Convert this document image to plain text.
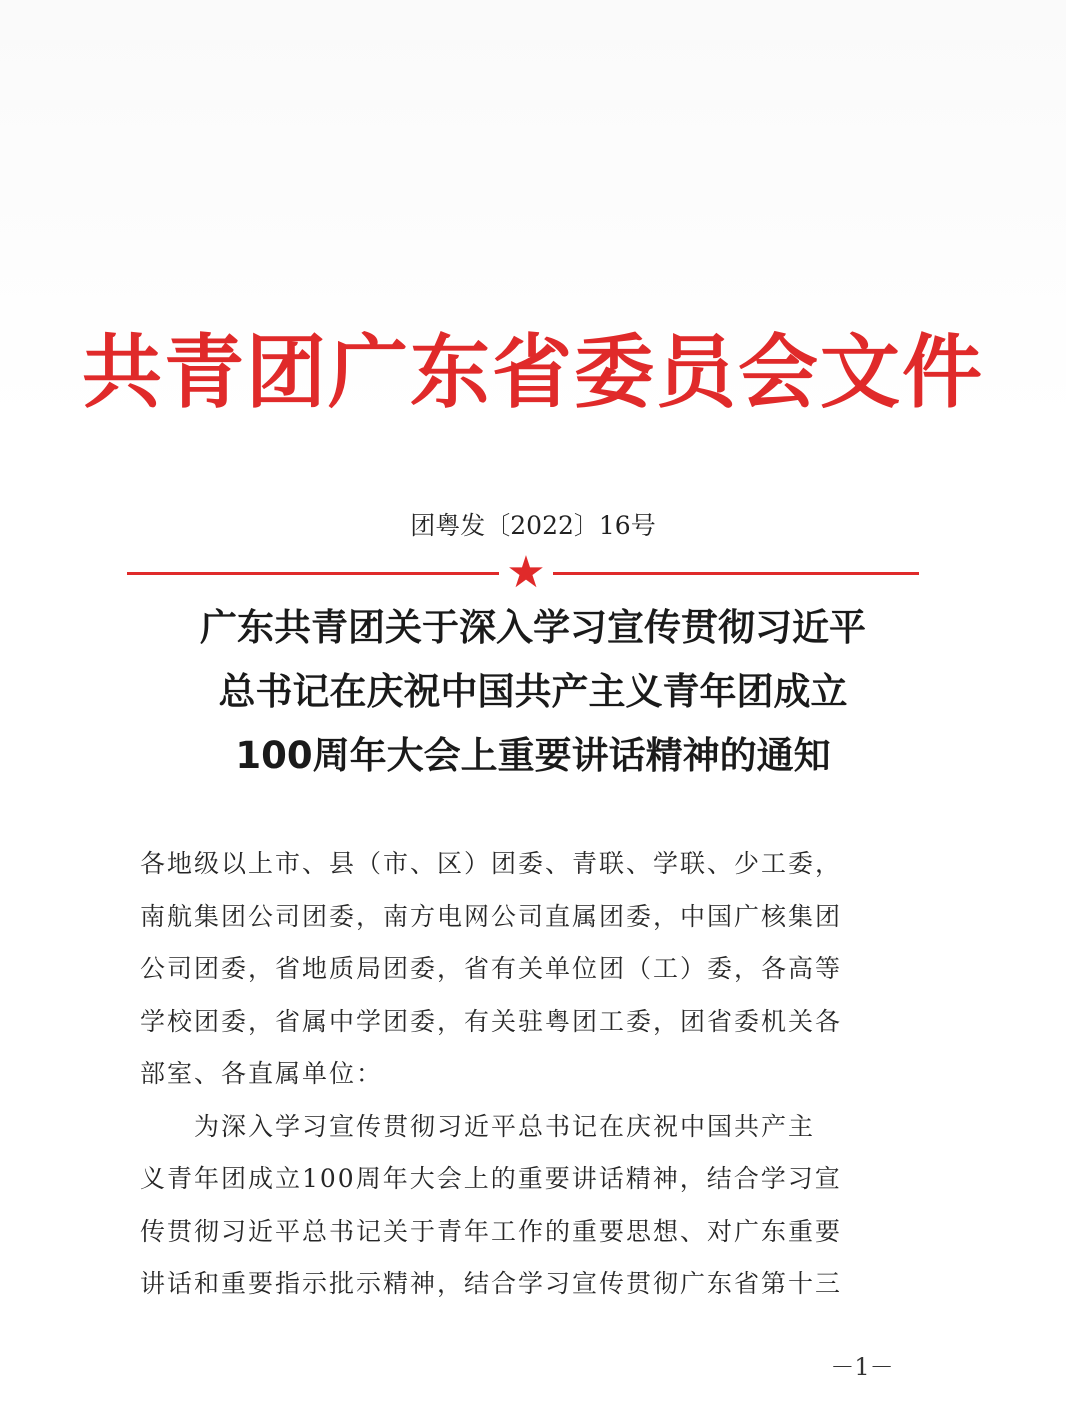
共青团广东省委员会文件
团粤发〔2022〕16号
★
广东共青团关于深入学习宣传贯彻习近平
总书记在庆祝中国共产主义青年团成立
100周年大会上重要讲话精神的通知
各地级以上市、县（市、区）团委、青联、学联、少工委，
南航集团公司团委，南方电网公司直属团委，中国广核集团
公司团委，省地质局团委，省有关单位团（工）委，各高等
学校团委，省属中学团委，有关驻粤团工委，团省委机关各
部室、各直属单位：
　　为深入学习宣传贯彻习近平总书记在庆祝中国共产主
义青年团成立100周年大会上的重要讲话精神，结合学习宣
传贯彻习近平总书记关于青年工作的重要思想、对广东重要
讲话和重要指示批示精神，结合学习宣传贯彻广东省第十三
－1－
